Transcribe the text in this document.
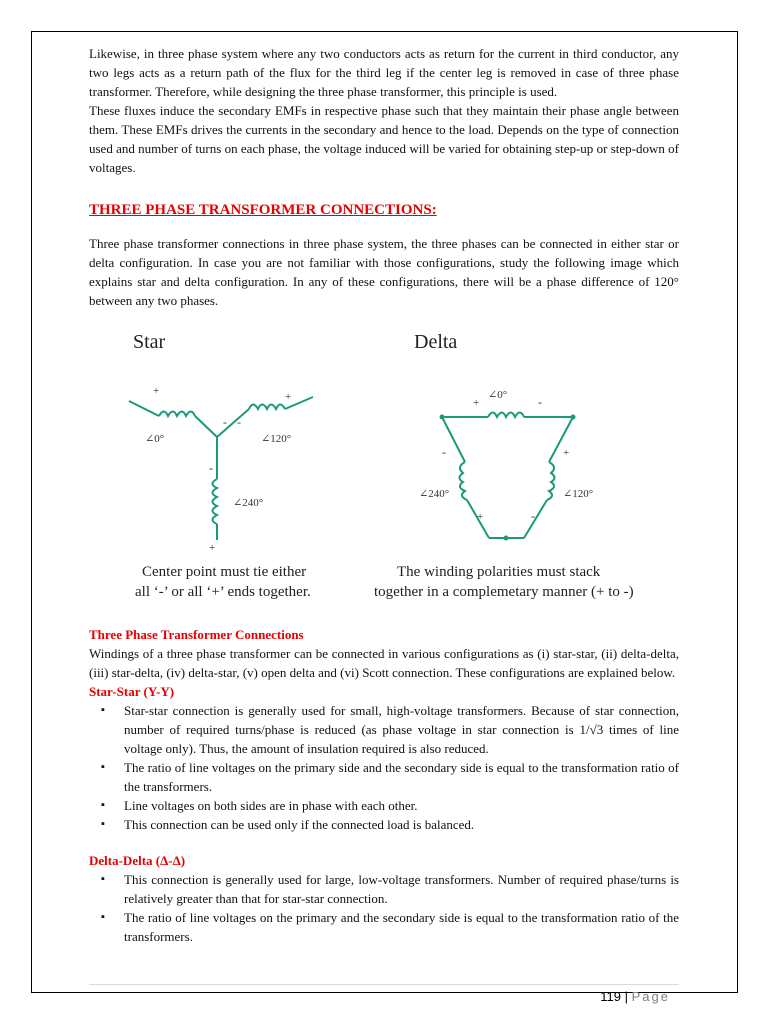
Likewise, in three phase system where any two conductors acts as return for the current in third conductor, any two legs acts as a return path of the flux for the third leg if the center leg is removed in case of three phase transformer. Therefore, while designing the three phase transformer, this principle is used.

These fluxes induce the secondary EMFs in respective phase such that they maintain their phase angle between them. These EMFs drives the currents in the secondary and hence to the load. Depends on the type of connection used and number of turns on each phase, the voltage induced will be varied for obtaining step-up or step-down of voltages.

THREE PHASE TRANSFORMER CONNECTIONS:

Three phase transformer connections in three phase system, the three phases can be connected in either star or delta configuration. In case you are not familiar with those configurations, study the following image which explains star and delta configuration. In any of these configurations, there will be a phase difference of 120° between any two phases.

Star
+	+
- -
-
+
∠0°	∠120°
∠240°
Center point must tie either
all ‘-’ or all ‘+’ ends together.
Delta
+
∠0°	-
-	+
∠240°	∠120°
+	-
The winding polarities must stack
together in a complemetary manner (+ to -)

Three Phase Transformer Connections

Windings of a three phase transformer can be connected in various configurations as (i) star-star, (ii) delta-delta, (iii) star-delta, (iv) delta-star, (v) open delta and (vi) Scott connection. These configurations are explained below.

Star-Star (Y-Y)

▪ Star-star connection is generally used for small, high-voltage transformers. Because of star connection, number of required turns/phase is reduced (as phase voltage in star connection is 1/√3 times of line voltage only). Thus, the amount of insulation required is also reduced.
▪ The ratio of line voltages on the primary side and the secondary side is equal to the transformation ratio of the transformers.
▪ Line voltages on both sides are in phase with each other.
▪ This connection can be used only if the connected load is balanced.

Delta-Delta (Δ-Δ)

▪ This connection is generally used for large, low-voltage transformers. Number of required phase/turns is relatively greater than that for star-star connection.
▪ The ratio of line voltages on the primary and the secondary side is equal to the transformation ratio of the transformers.
119 | Page
